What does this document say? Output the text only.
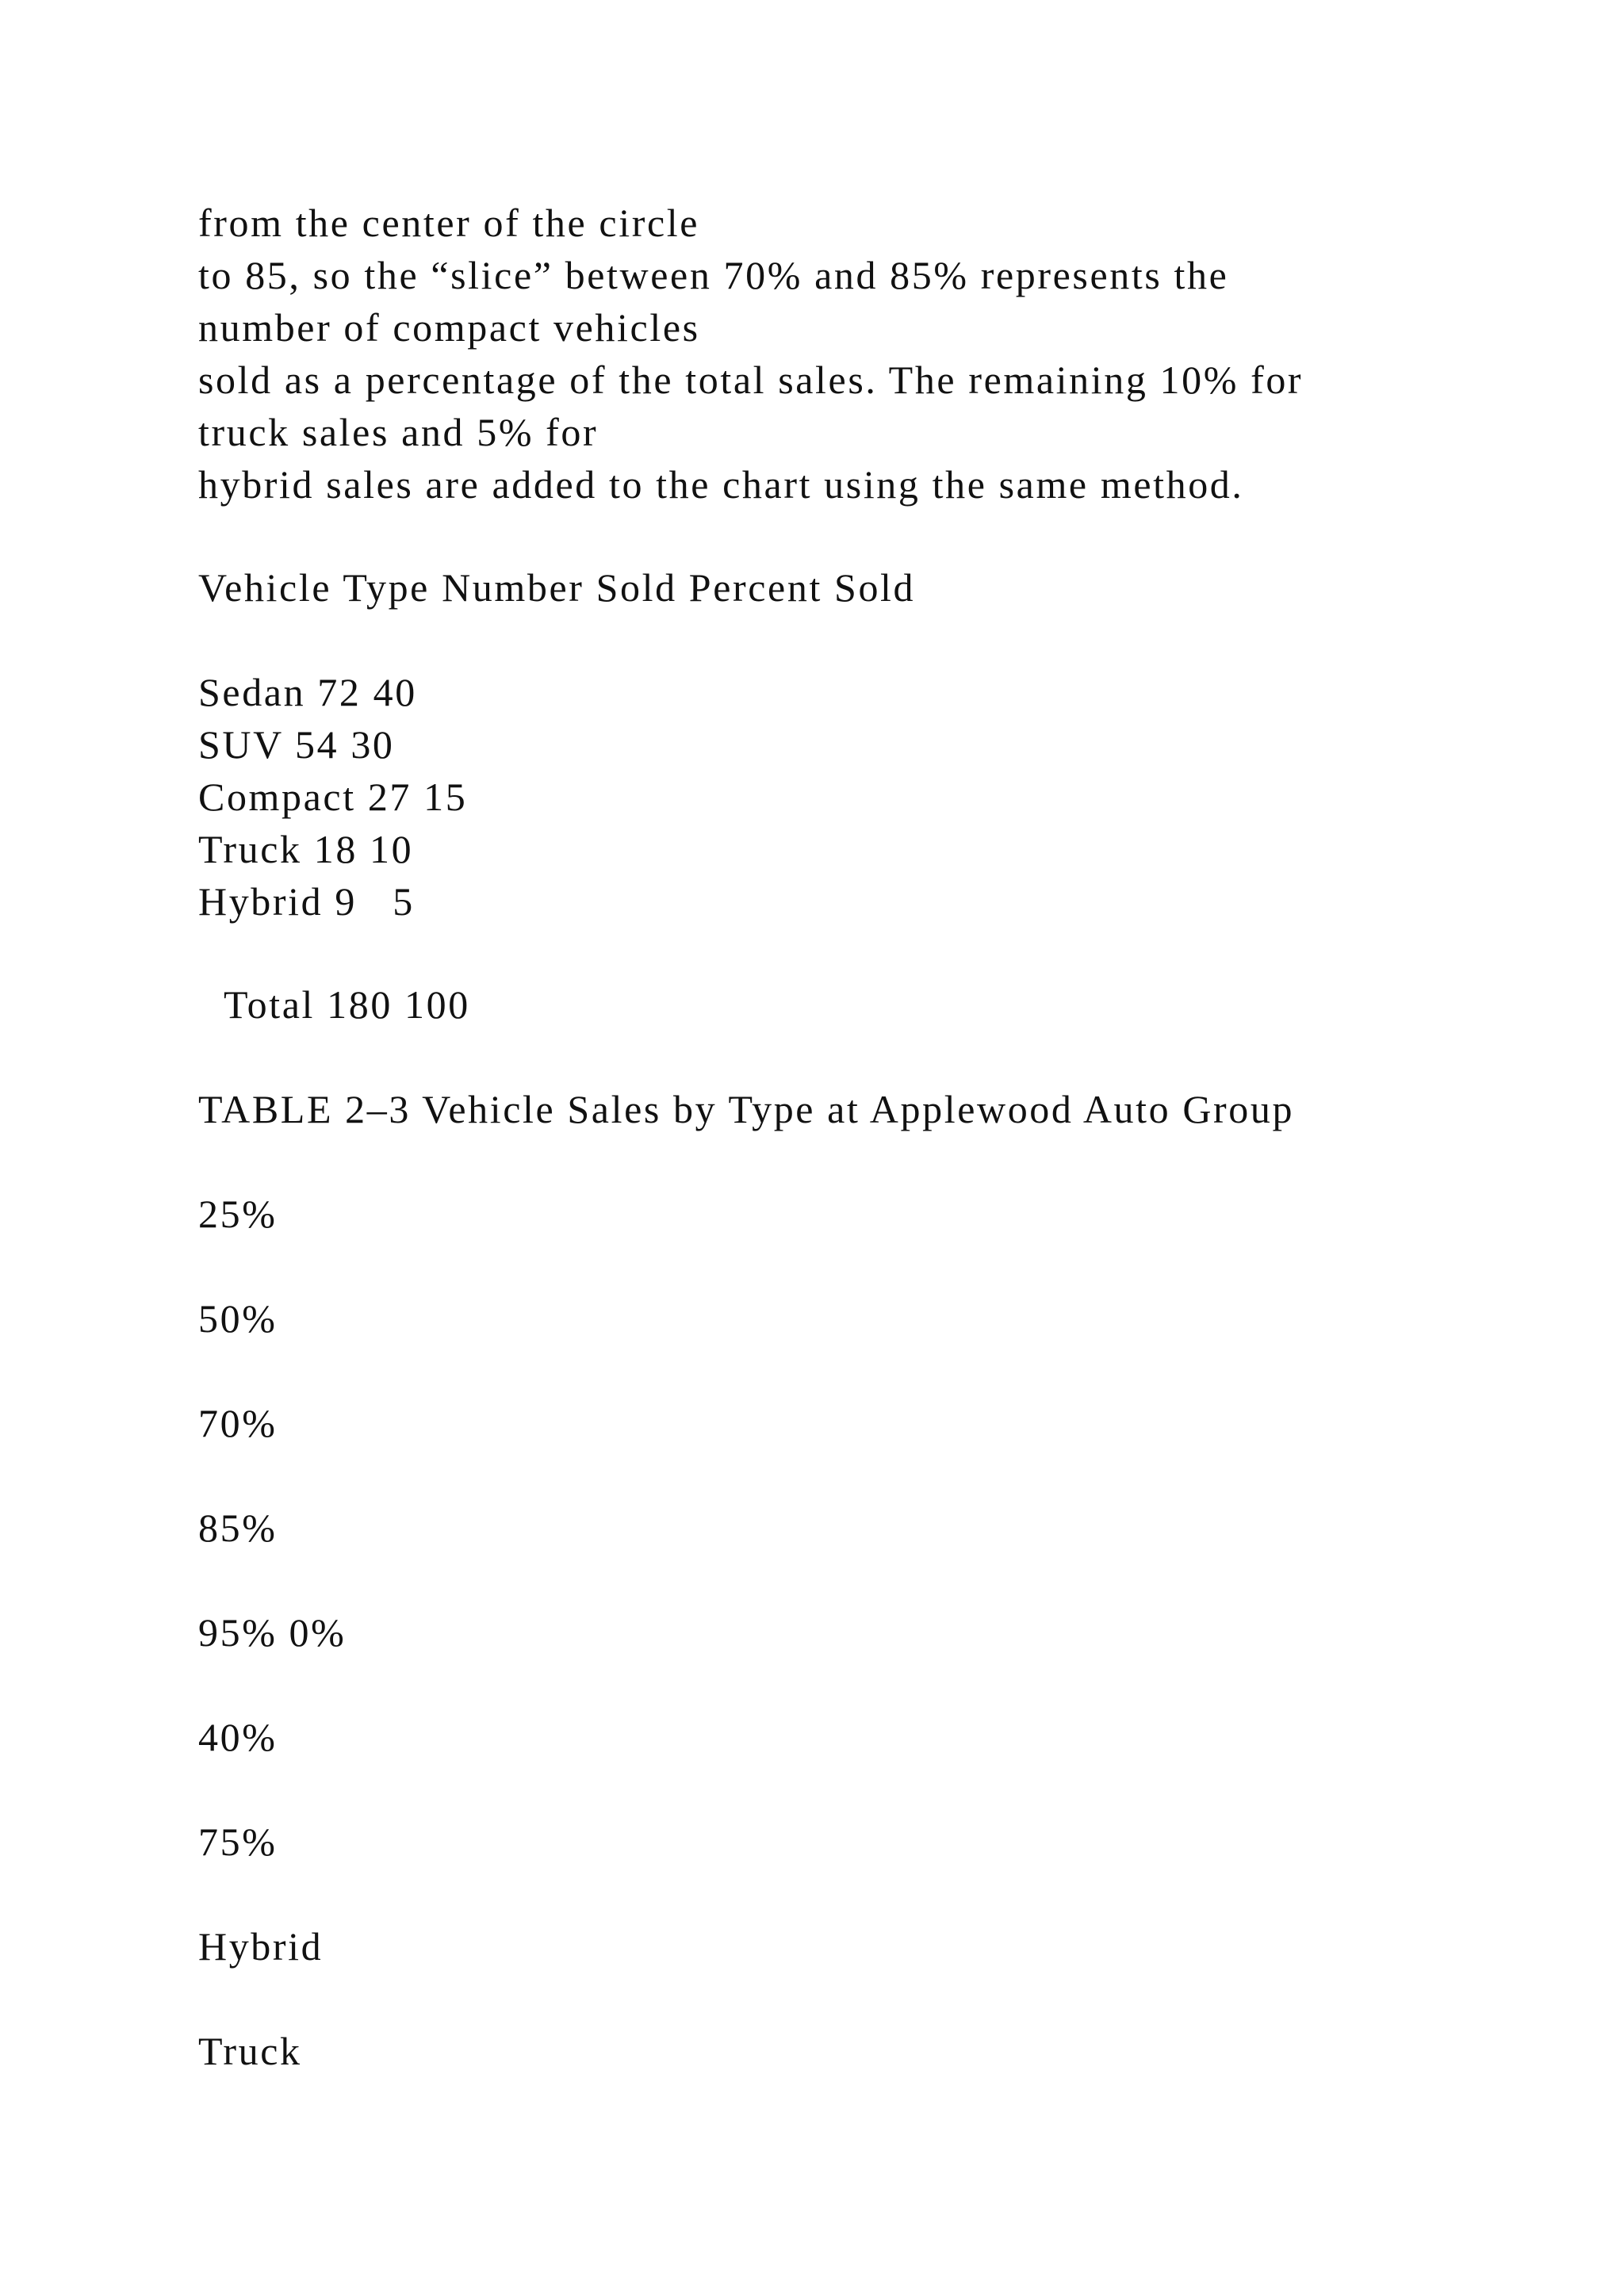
from the center of the circle
to 85, so the “slice” between 70% and 85% represents the
number of compact vehicles
sold as a percentage of the total sales. The remaining 10% for
truck sales and 5% for
hybrid sales are added to the chart using the same method.
Vehicle Type Number Sold Percent Sold
Sedan 72 40
SUV 54 30
Compact 27 15
Truck 18 10
Hybrid 9   5
Total 180 100
TABLE 2–3 Vehicle Sales by Type at Applewood Auto Group
25%
50%
70%
85%
95% 0%
40%
75%
Hybrid
Truck
